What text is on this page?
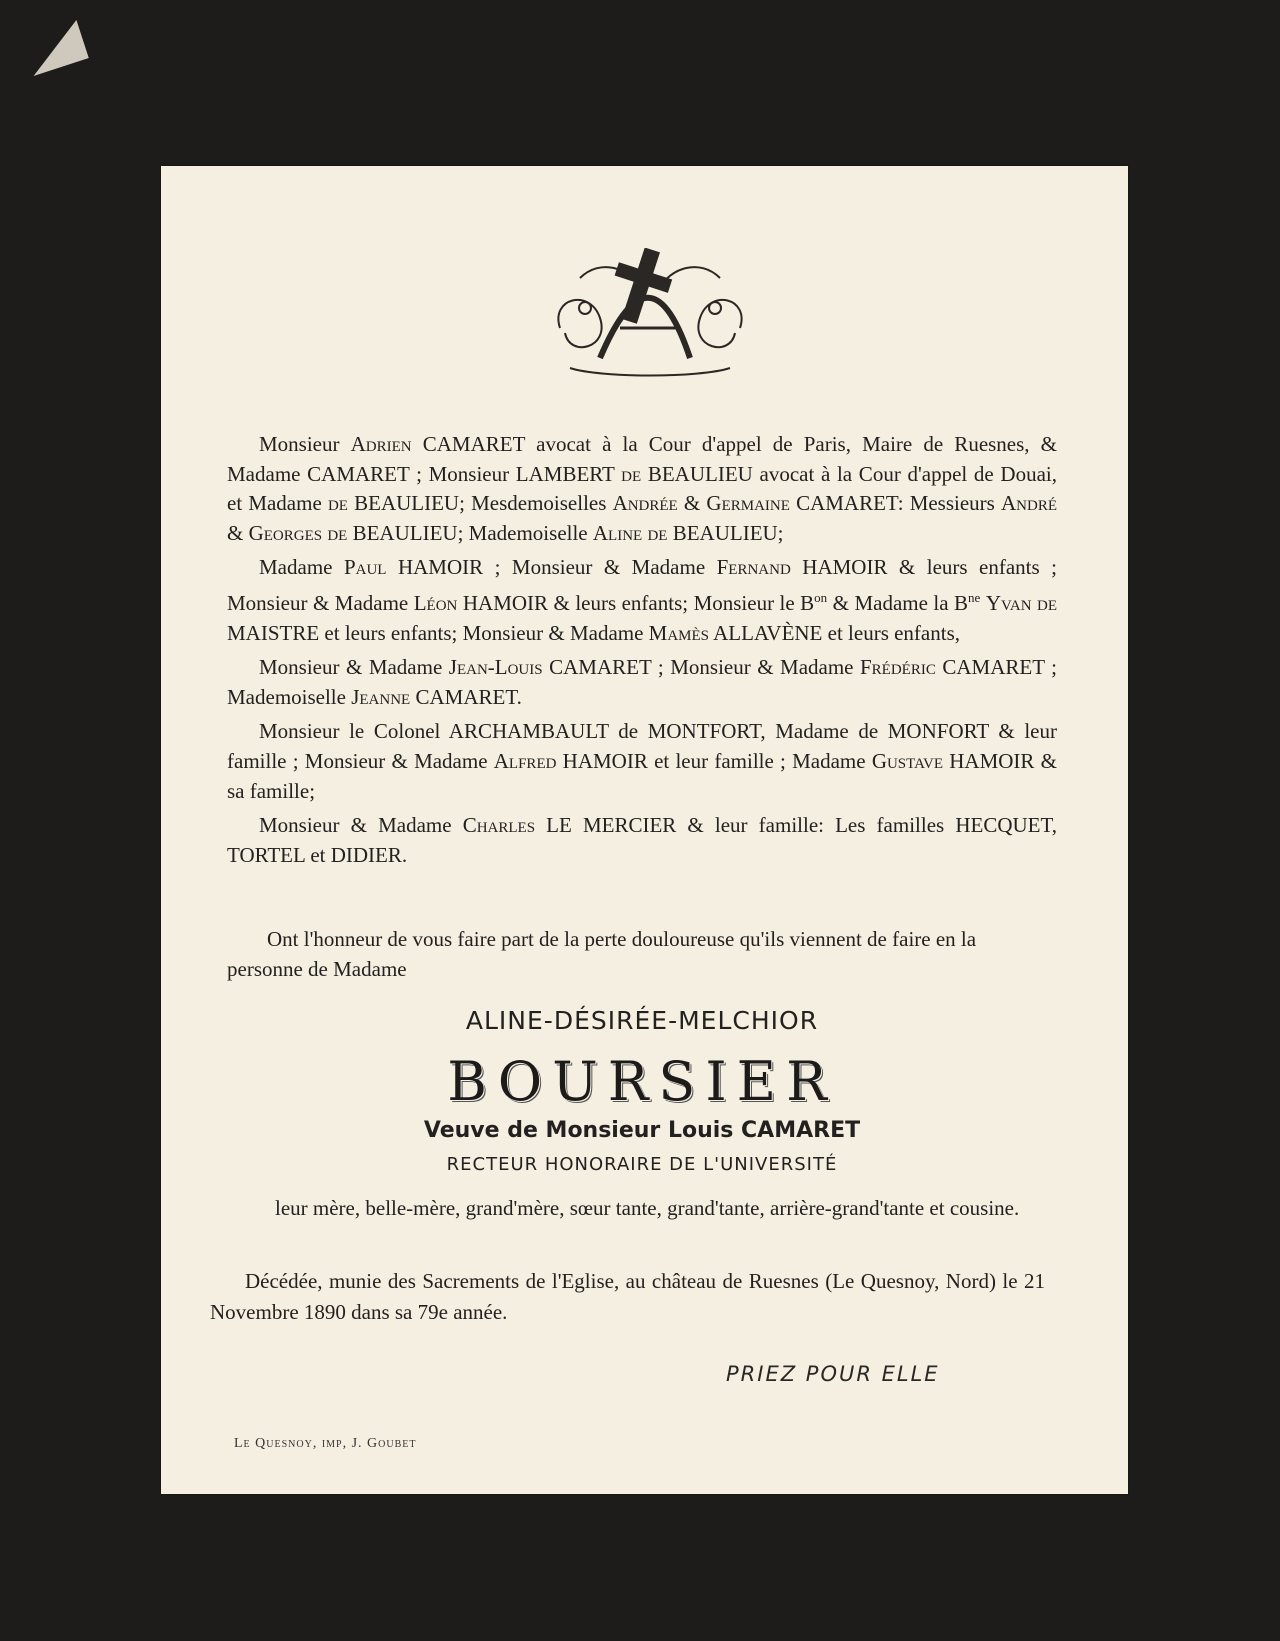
Monsieur Adrien CAMARET avocat à la Cour d'appel de Paris, Maire de Ruesnes, & Madame CAMARET ; Monsieur LAMBERT de BEAULIEU avocat à la Cour d'appel de Douai, et Madame de BEAULIEU; Mesdemoiselles Andrée & Germaine CAMARET: Messieurs André & Georges de BEAULIEU; Mademoiselle Aline de BEAULIEU;

Madame Paul HAMOIR ; Monsieur & Madame Fernand HAMOIR & leurs enfants ; Monsieur & Madame Léon HAMOIR & leurs enfants; Monsieur le $B^{on}$ & Madame la $B^{ne}$ Yvan de MAISTRE et leurs enfants; Monsieur & Madame Mamès ALLAVÈNE et leurs enfants,

Monsieur & Madame Jean-Louis CAMARET ; Monsieur & Madame Frédéric CAMARET ; Mademoiselle Jeanne CAMARET.

Monsieur le Colonel ARCHAMBAULT de MONTFORT, Madame de MONFORT & leur famille ; Monsieur & Madame Alfred HAMOIR et leur famille ; Madame Gustave HAMOIR & sa famille;

Monsieur & Madame Charles LE MERCIER & leur famille: Les familles HECQUET, TORTEL et DIDIER.

Ont l'honneur de vous faire part de la perte douloureuse qu'ils viennent de faire en la personne de Madame

ALINE-DÉSIRÉE-MELCHIOR
BOURSIER
Veuve de Monsieur Louis CAMARET
RECTEUR HONORAIRE DE L'UNIVERSITÉ

leur mère, belle-mère, grand'mère, sœur tante, grand'tante, arrière-grand'tante et cousine.

Décédée, munie des Sacrements de l'Eglise, au château de Ruesnes (Le Quesnoy, Nord) le 21 Novembre 1890 dans sa 79e année.

PRIEZ POUR ELLE
Le Quesnoy, imp, J. Goubet
